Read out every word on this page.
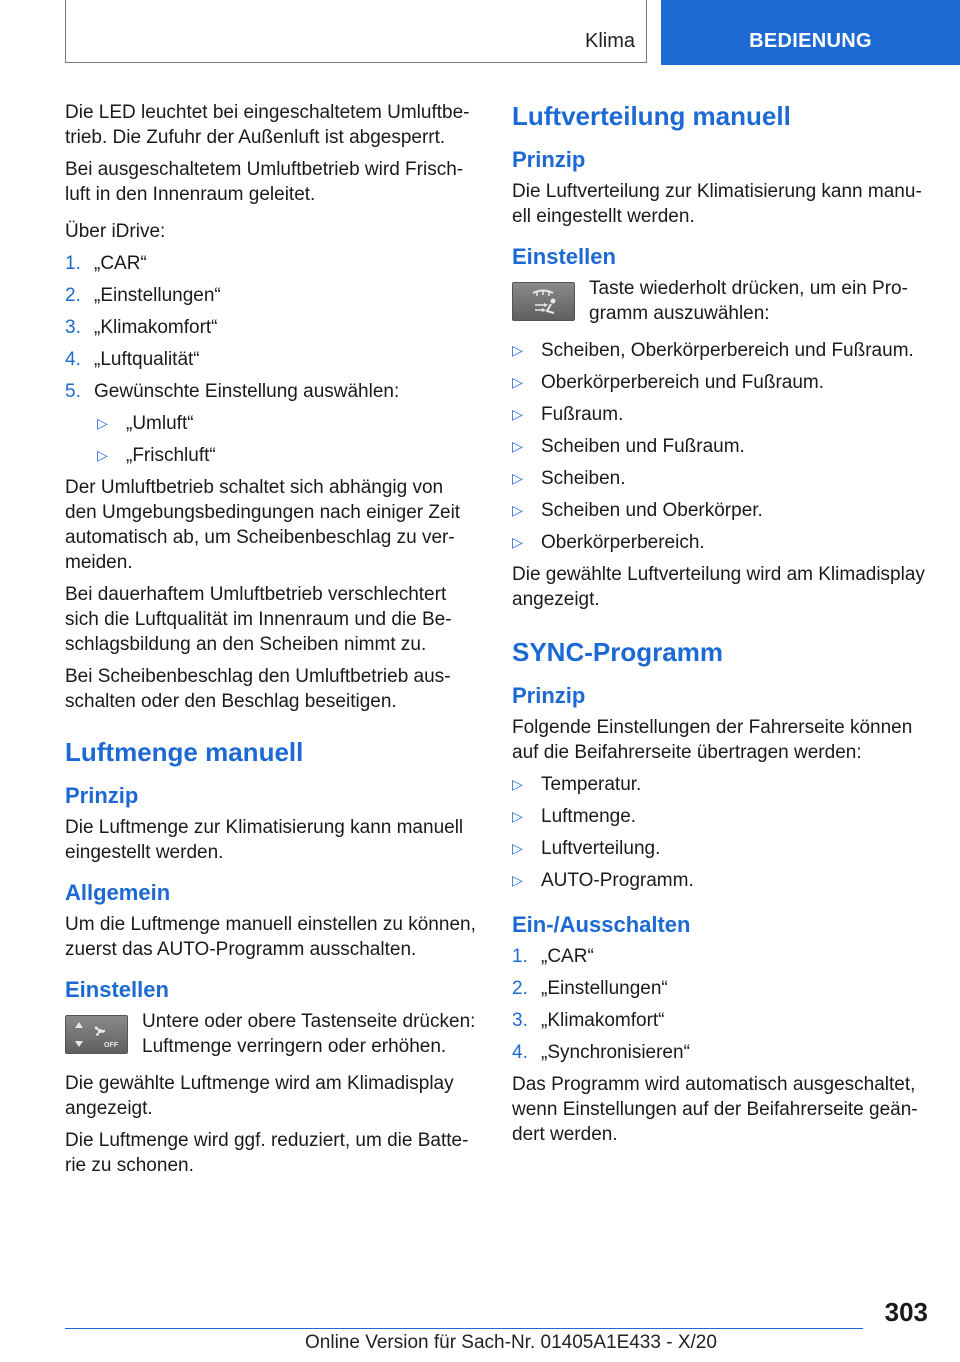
Klima	BEDIENUNG

Die LED leuchtet bei eingeschaltetem Umluftbetrieb. Die Zufuhr der Außenluft ist abgesperrt.

Bei ausgeschaltetem Umluftbetrieb wird Frischluft in den Innenraum geleitet.

Über iDrive:

1. „CAR“
2. „Einstellungen“
3. „Klimakomfort“
4. „Luftqualität“
5. Gewünschte Einstellung auswählen:
▷ „Umluft“
▷ „Frischluft“

Der Umluftbetrieb schaltet sich abhängig von den Umgebungsbedingungen nach einiger Zeit automatisch ab, um Scheibenbeschlag zu vermeiden.

Bei dauerhaftem Umluftbetrieb verschlechtert sich die Luftqualität im Innenraum und die Beschlagsbildung an den Scheiben nimmt zu.

Bei Scheibenbeschlag den Umluftbetrieb ausschalten oder den Beschlag beseitigen.

Luftmenge manuell
Prinzip

Die Luftmenge zur Klimatisierung kann manuell eingestellt werden.

Allgemein

Um die Luftmenge manuell einstellen zu können, zuerst das AUTO-Programm ausschalten.

Einstellen
OFF
Untere oder obere Tastenseite drücken: Luftmenge verringern oder erhöhen.

Die gewählte Luftmenge wird am Klimadisplay angezeigt.

Die Luftmenge wird ggf. reduziert, um die Batterie zu schonen.

Luftverteilung manuell
Prinzip

Die Luftverteilung zur Klimatisierung kann manuell eingestellt werden.

Einstellen
Taste wiederholt drücken, um ein Programm auszuwählen:
▷ Scheiben, Oberkörperbereich und Fußraum.
▷ Oberkörperbereich und Fußraum.
▷ Fußraum.
▷ Scheiben und Fußraum.
▷ Scheiben.
▷ Scheiben und Oberkörper.
▷ Oberkörperbereich.

Die gewählte Luftverteilung wird am Klimadisplay angezeigt.

SYNC-Programm
Prinzip

Folgende Einstellungen der Fahrerseite können auf die Beifahrerseite übertragen werden:

▷ Temperatur.
▷ Luftmenge.
▷ Luftverteilung.
▷ AUTO-Programm.
Ein-/Ausschalten
1. „CAR“
2. „Einstellungen“
3. „Klimakomfort“
4. „Synchronisieren“

Das Programm wird automatisch ausgeschaltet, wenn Einstellungen auf der Beifahrerseite geändert werden.

303
Online Version für Sach-Nr. 01405A1E433 - X/20
